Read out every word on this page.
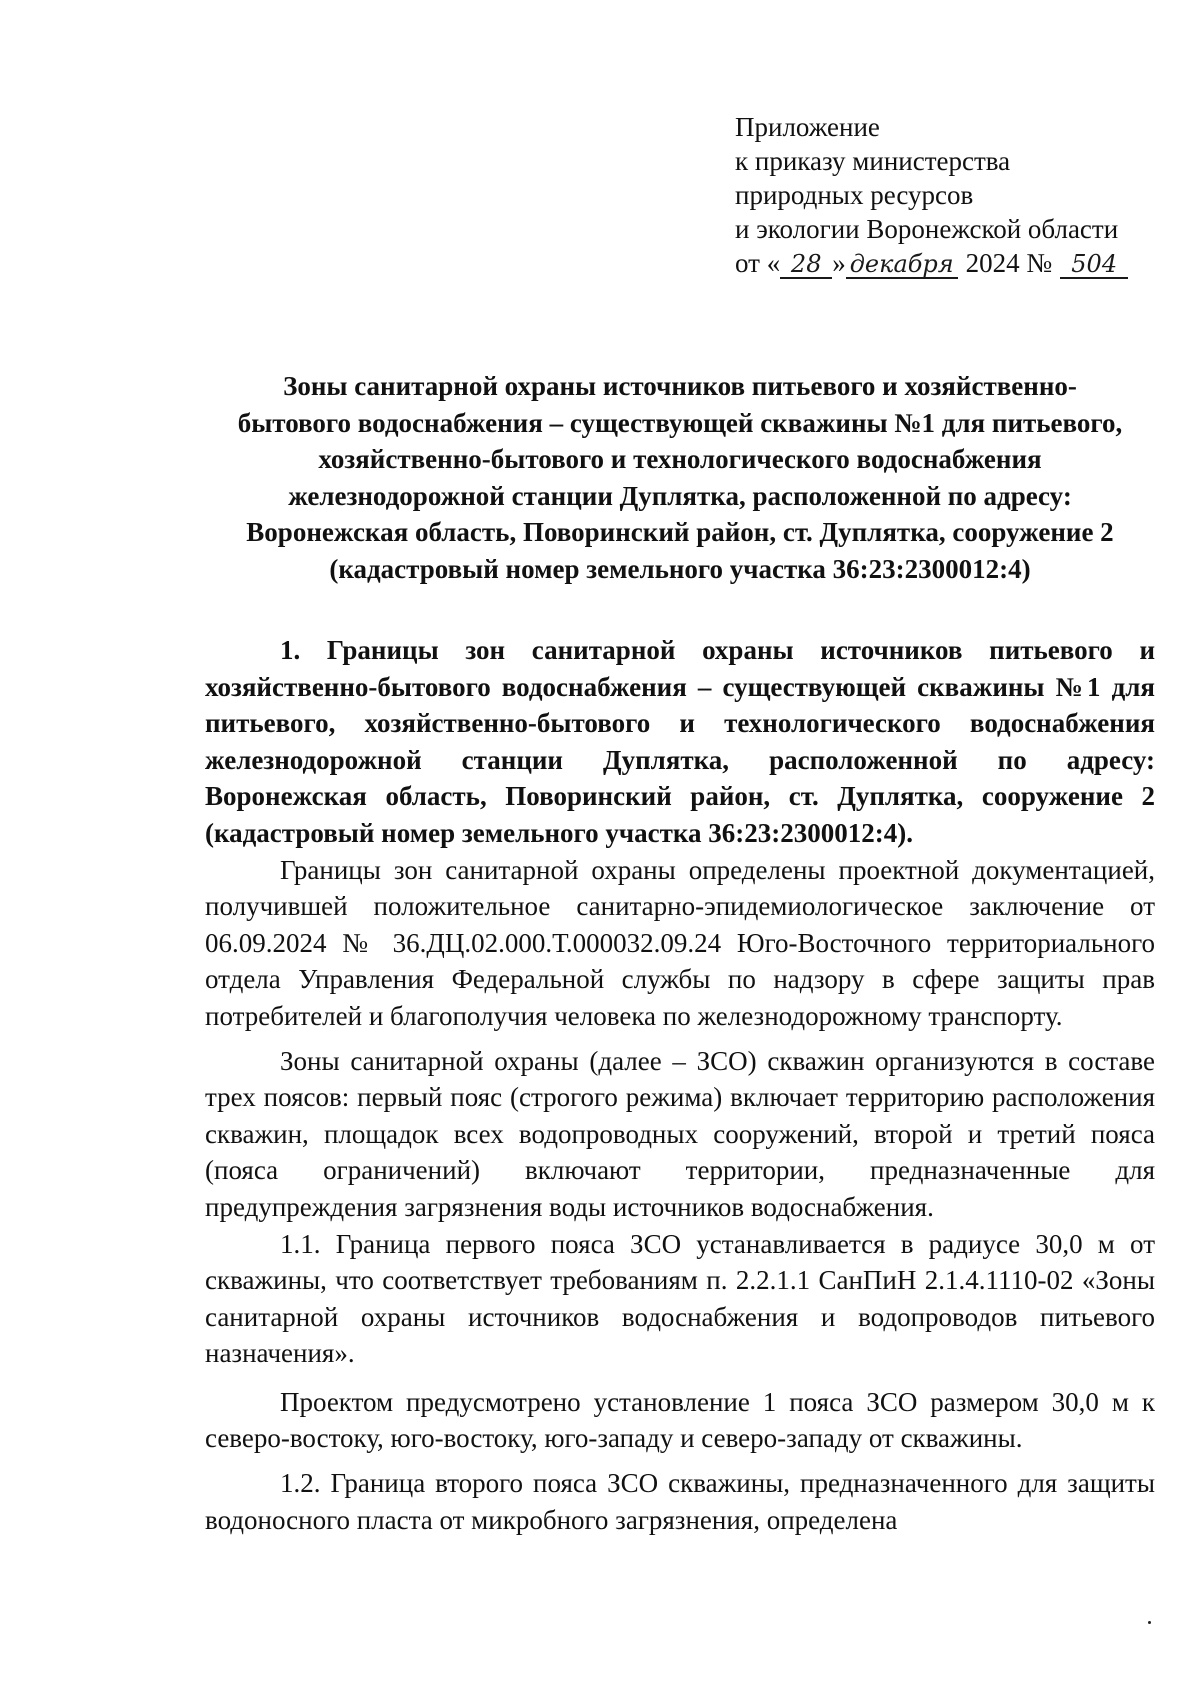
Приложение
к приказу министерства
природных ресурсов
и экологии Воронежской области
от « 28 » декабря 2024 № 504
Зоны санитарной охраны источников питьевого и хозяйственно-
бытового водоснабжения – существующей скважины №1 для питьевого,
хозяйственно-бытового и технологического водоснабжения
железнодорожной станции Дуплятка, расположенной по адресу:
Воронежская область, Поворинский район, ст. Дуплятка, сооружение 2
(кадастровый номер земельного участка 36:23:2300012:4)

1. Границы зон санитарной охраны источников питьевого и хозяйственно-бытового водоснабжения – существующей скважины №1 для питьевого, хозяйственно-бытового и технологического водоснабжения железнодорожной станции Дуплятка, расположенной по адресу: Воронежская область, Поворинский район, ст. Дуплятка, сооружение 2 (кадастровый номер земельного участка 36:23:2300012:4).

Границы зон санитарной охраны определены проектной документацией, получившей положительное санитарно-эпидемиологическое заключение от 06.09.2024 № 36.ДЦ.02.000.Т.000032.09.24 Юго-Восточного территориального отдела Управления Федеральной службы по надзору в сфере защиты прав потребителей и благополучия человека по железнодорожному транспорту.

Зоны санитарной охраны (далее – ЗСО) скважин организуются в составе трех поясов: первый пояс (строгого режима) включает территорию расположения скважин, площадок всех водопроводных сооружений, второй и третий пояса (пояса ограничений) включают территории, предназначенные для предупреждения загрязнения воды источников водоснабжения.

1.1. Граница первого пояса ЗСО устанавливается в радиусе 30,0 м от скважины, что соответствует требованиям п. 2.2.1.1 СанПиН 2.1.4.1110-02 «Зоны санитарной охраны источников водоснабжения и водопроводов питьевого назначения».

Проектом предусмотрено установление 1 пояса ЗСО размером 30,0 м к северо-востоку, юго-востоку, юго-западу и северо-западу от скважины.

1.2. Граница второго пояса ЗСО скважины, предназначенного для защиты водоносного пласта от микробного загрязнения, определена
